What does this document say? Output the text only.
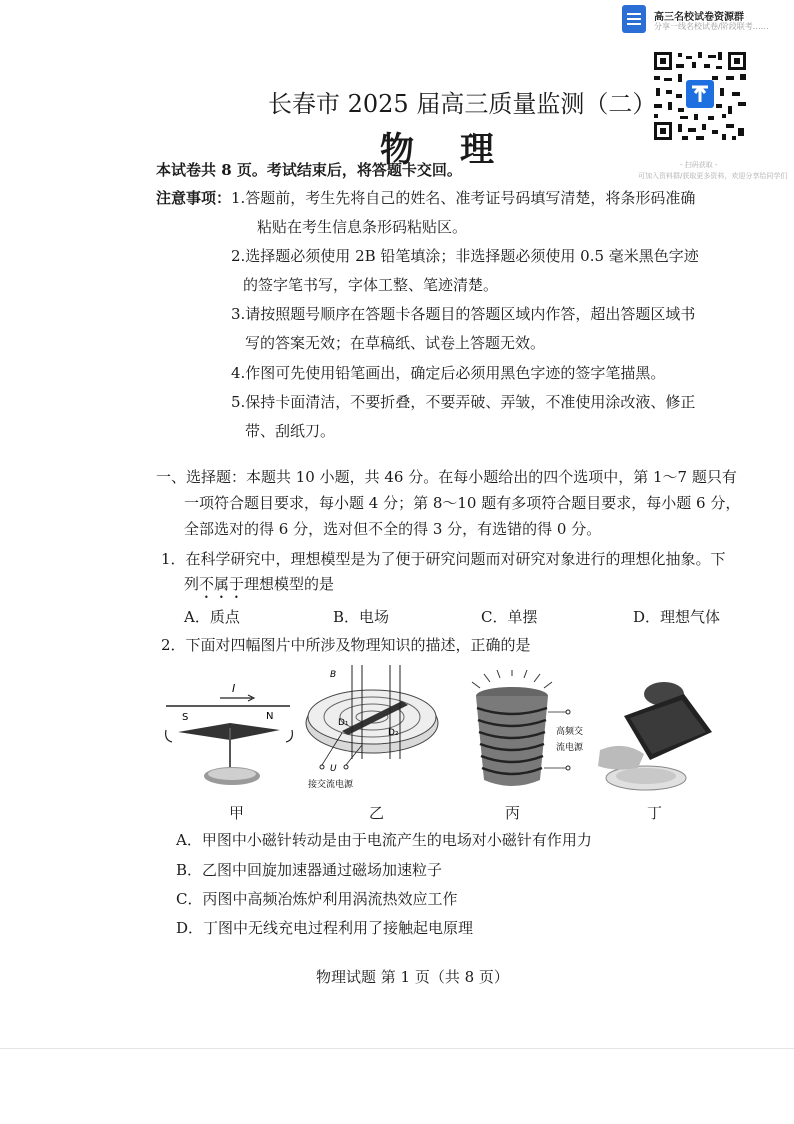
高三名校试卷资源群
分享一线名校试卷/阶段联考……
- 扫码获取 -
可加入资料群/获取更多资料，欢迎分享给同学们
长春市 2025 届高三质量监测（二）
物理
本试卷共 8 页。考试结束后，将答题卡交回。
注意事项： 1.答题前，考生先将自己的姓名、准考证号码填写清楚，将条形码准确
粘贴在考生信息条形码粘贴区。
2.选择题必须使用 2B 铅笔填涂；非选择题必须使用 0.5 毫米黑色字迹
的签字笔书写，字体工整、笔迹清楚。
3.请按照题号顺序在答题卡各题目的答题区域内作答，超出答题区域书
写的答案无效；在草稿纸、试卷上答题无效。
4.作图可先使用铅笔画出，确定后必须用黑色字迹的签字笔描黑。
5.保持卡面清洁，不要折叠，不要弄破、弄皱，不准使用涂改液、修正
带、刮纸刀。
一、选择题：本题共 10 小题，共 46 分。在每小题给出的四个选项中，第 1～7 题只有
一项符合题目要求，每小题 4 分；第 8～10 题有多项符合题目要求，每小题 6 分，
全部选对的得 6 分，选对但不全的得 3 分，有选错的得 0 分。
1．在科学研究中，理想模型是为了便于研究问题而对研究对象进行的理想化抽象。下
列不属于理想模型的是
A．质点	B．电场	C．单摆	D．理想气体
2．下面对四幅图片中所涉及物理知识的描述，正确的是
I
S	N
B
D₁
D₂
U
接交流电源
高频交
流电源
甲	乙	丙	丁
A．甲图中小磁针转动是由于电流产生的电场对小磁针有作用力
B．乙图中回旋加速器通过磁场加速粒子
C．丙图中高频冶炼炉利用涡流热效应工作
D．丁图中无线充电过程利用了接触起电原理
物理试题 第 1 页（共 8 页）
